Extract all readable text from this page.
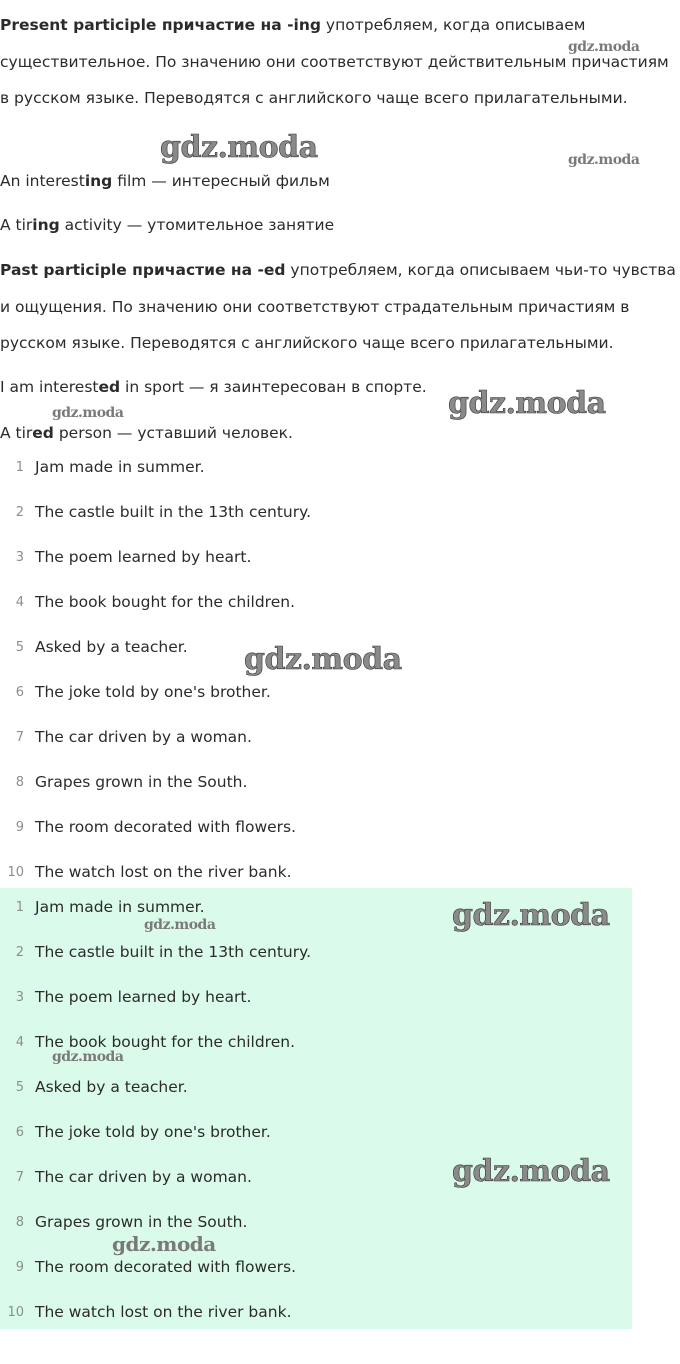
Present participle причастие на -ing употребляем, когда описываем существительное. По значению они соответствуют действительным причастиям в русском языке. Переводятся с английского чаще всего прилагательными.

An interesting film — интересный фильм

A tiring activity — утомительное занятие

Past participle причастие на -ed употребляем, когда описываем чьи-то чувства и ощущения. По значению они соответствуют страдательным причастиям в русском языке. Переводятся с английского чаще всего прилагательными.

I am interested in sport — я заинтересован в спорте.

A tired person — уставший человек.

1 Jam made in summer.
2 The castle built in the 13th century.
3 The poem learned by heart.
4 The book bought for the children.
5 Asked by a teacher.
6 The joke told by one's brother.
7 The car driven by a woman.
8 Grapes grown in the South.
9 The room decorated with flowers.
10 The watch lost on the river bank.
1 Jam made in summer.
2 The castle built in the 13th century.
3 The poem learned by heart.
4 The book bought for the children.
5 Asked by a teacher.
6 The joke told by one's brother.
7 The car driven by a woman.
8 Grapes grown in the South.
9 The room decorated with flowers.
10 The watch lost on the river bank.
gdz.moda
gdz.moda	gdz.moda
gdz.moda
gdz.moda
gdz.moda
gdz.moda
gdz.moda
gdz.moda
gdz.moda
gdz.moda
